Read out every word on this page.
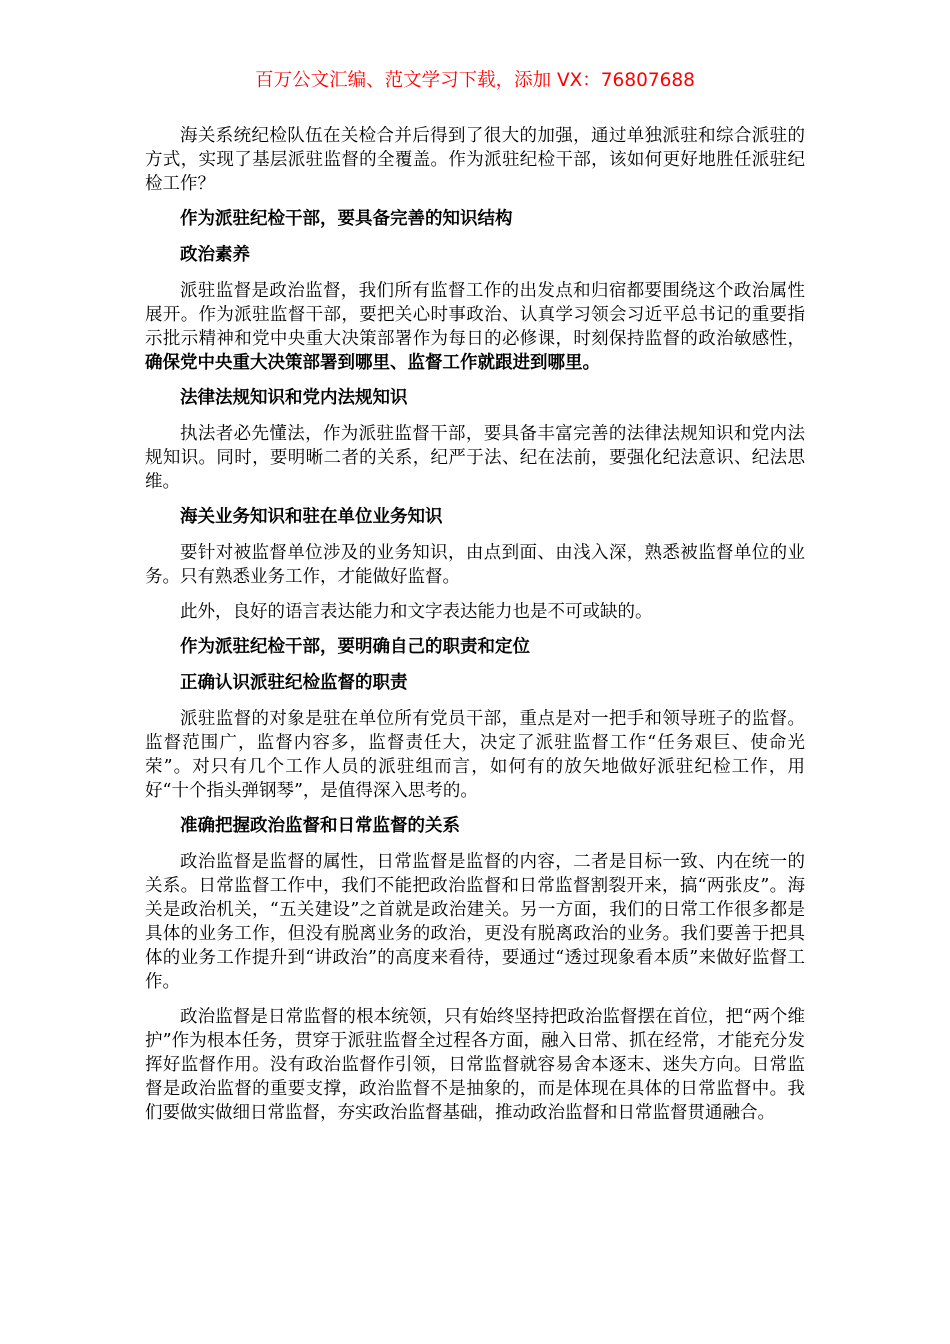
百万公文汇编、范文学习下载，添加 VX：76807688

海关系统纪检队伍在关检合并后得到了很大的加强，通过单独派驻和综合派驻的方式，实现了基层派驻监督的全覆盖。作为派驻纪检干部，该如何更好地胜任派驻纪检工作？

作为派驻纪检干部，要具备完善的知识结构

政治素养

派驻监督是政治监督，我们所有监督工作的出发点和归宿都要围绕这个政治属性展开。作为派驻监督干部，要把关心时事政治、认真学习领会习近平总书记的重要指示批示精神和党中央重大决策部署作为每日的必修课，时刻保持监督的政治敏感性，确保党中央重大决策部署到哪里、监督工作就跟进到哪里。

法律法规知识和党内法规知识

执法者必先懂法，作为派驻监督干部，要具备丰富完善的法律法规知识和党内法规知识。同时，要明晰二者的关系，纪严于法、纪在法前，要强化纪法意识、纪法思维。

海关业务知识和驻在单位业务知识

要针对被监督单位涉及的业务知识，由点到面、由浅入深，熟悉被监督单位的业务。只有熟悉业务工作，才能做好监督。

此外，良好的语言表达能力和文字表达能力也是不可或缺的。

作为派驻纪检干部，要明确自己的职责和定位

正确认识派驻纪检监督的职责

派驻监督的对象是驻在单位所有党员干部，重点是对一把手和领导班子的监督。监督范围广，监督内容多，监督责任大，决定了派驻监督工作“任务艰巨、使命光荣”。对只有几个工作人员的派驻组而言，如何有的放矢地做好派驻纪检工作，用好“十个指头弹钢琴”，是值得深入思考的。

准确把握政治监督和日常监督的关系

政治监督是监督的属性，日常监督是监督的内容，二者是目标一致、内在统一的关系。日常监督工作中，我们不能把政治监督和日常监督割裂开来，搞“两张皮”。海关是政治机关，“五关建设”之首就是政治建关。另一方面，我们的日常工作很多都是具体的业务工作，但没有脱离业务的政治，更没有脱离政治的业务。我们要善于把具体的业务工作提升到“讲政治”的高度来看待，要通过“透过现象看本质”来做好监督工作。

政治监督是日常监督的根本统领，只有始终坚持把政治监督摆在首位，把“两个维护”作为根本任务，贯穿于派驻监督全过程各方面，融入日常、抓在经常，才能充分发挥好监督作用。没有政治监督作引领，日常监督就容易舍本逐末、迷失方向。日常监督是政治监督的重要支撑，政治监督不是抽象的，而是体现在具体的日常监督中。我们要做实做细日常监督，夯实政治监督基础，推动政治监督和日常监督贯通融合。
